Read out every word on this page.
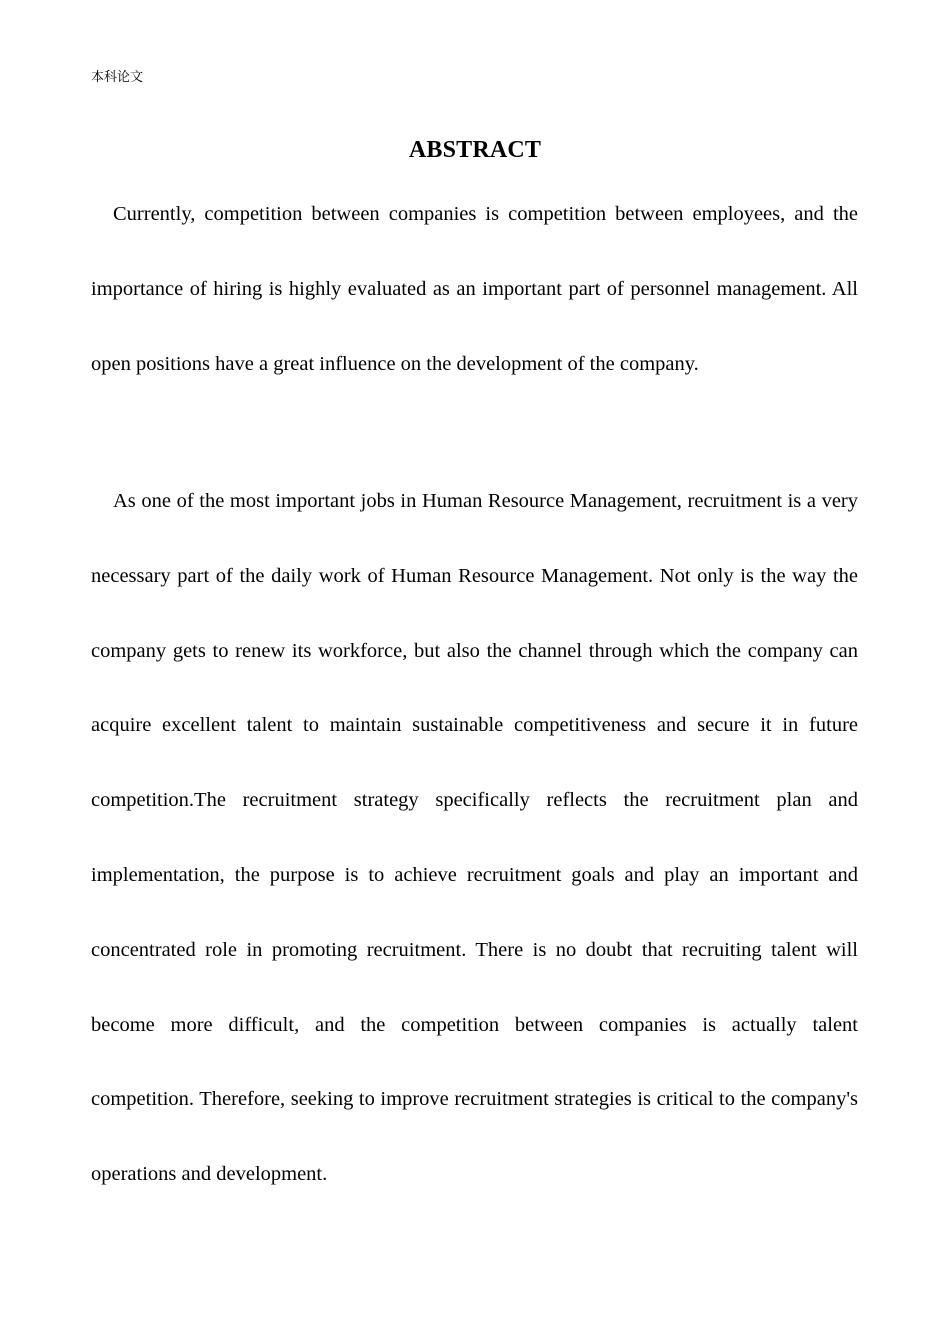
本科论文
ABSTRACT

Currently, competition between companies is competition between employees, and the importance of hiring is highly evaluated as an important part of personnel management. All open positions have a great influence on the development of the company.

As one of the most important jobs in Human Resource Management, recruitment is a very necessary part of the daily work of Human Resource Management. Not only is the way the company gets to renew its workforce, but also the channel through which the company can acquire excellent talent to maintain sustainable competitiveness and secure it in future competition.The recruitment strategy specifically reflects the recruitment plan and implementation, the purpose is to achieve recruitment goals and play an important and concentrated role in promoting recruitment. There is no doubt that recruiting talent will become more difficult, and the competition between companies is actually talent competition. Therefore, seeking to improve recruitment strategies is critical to the company's operations and development.
